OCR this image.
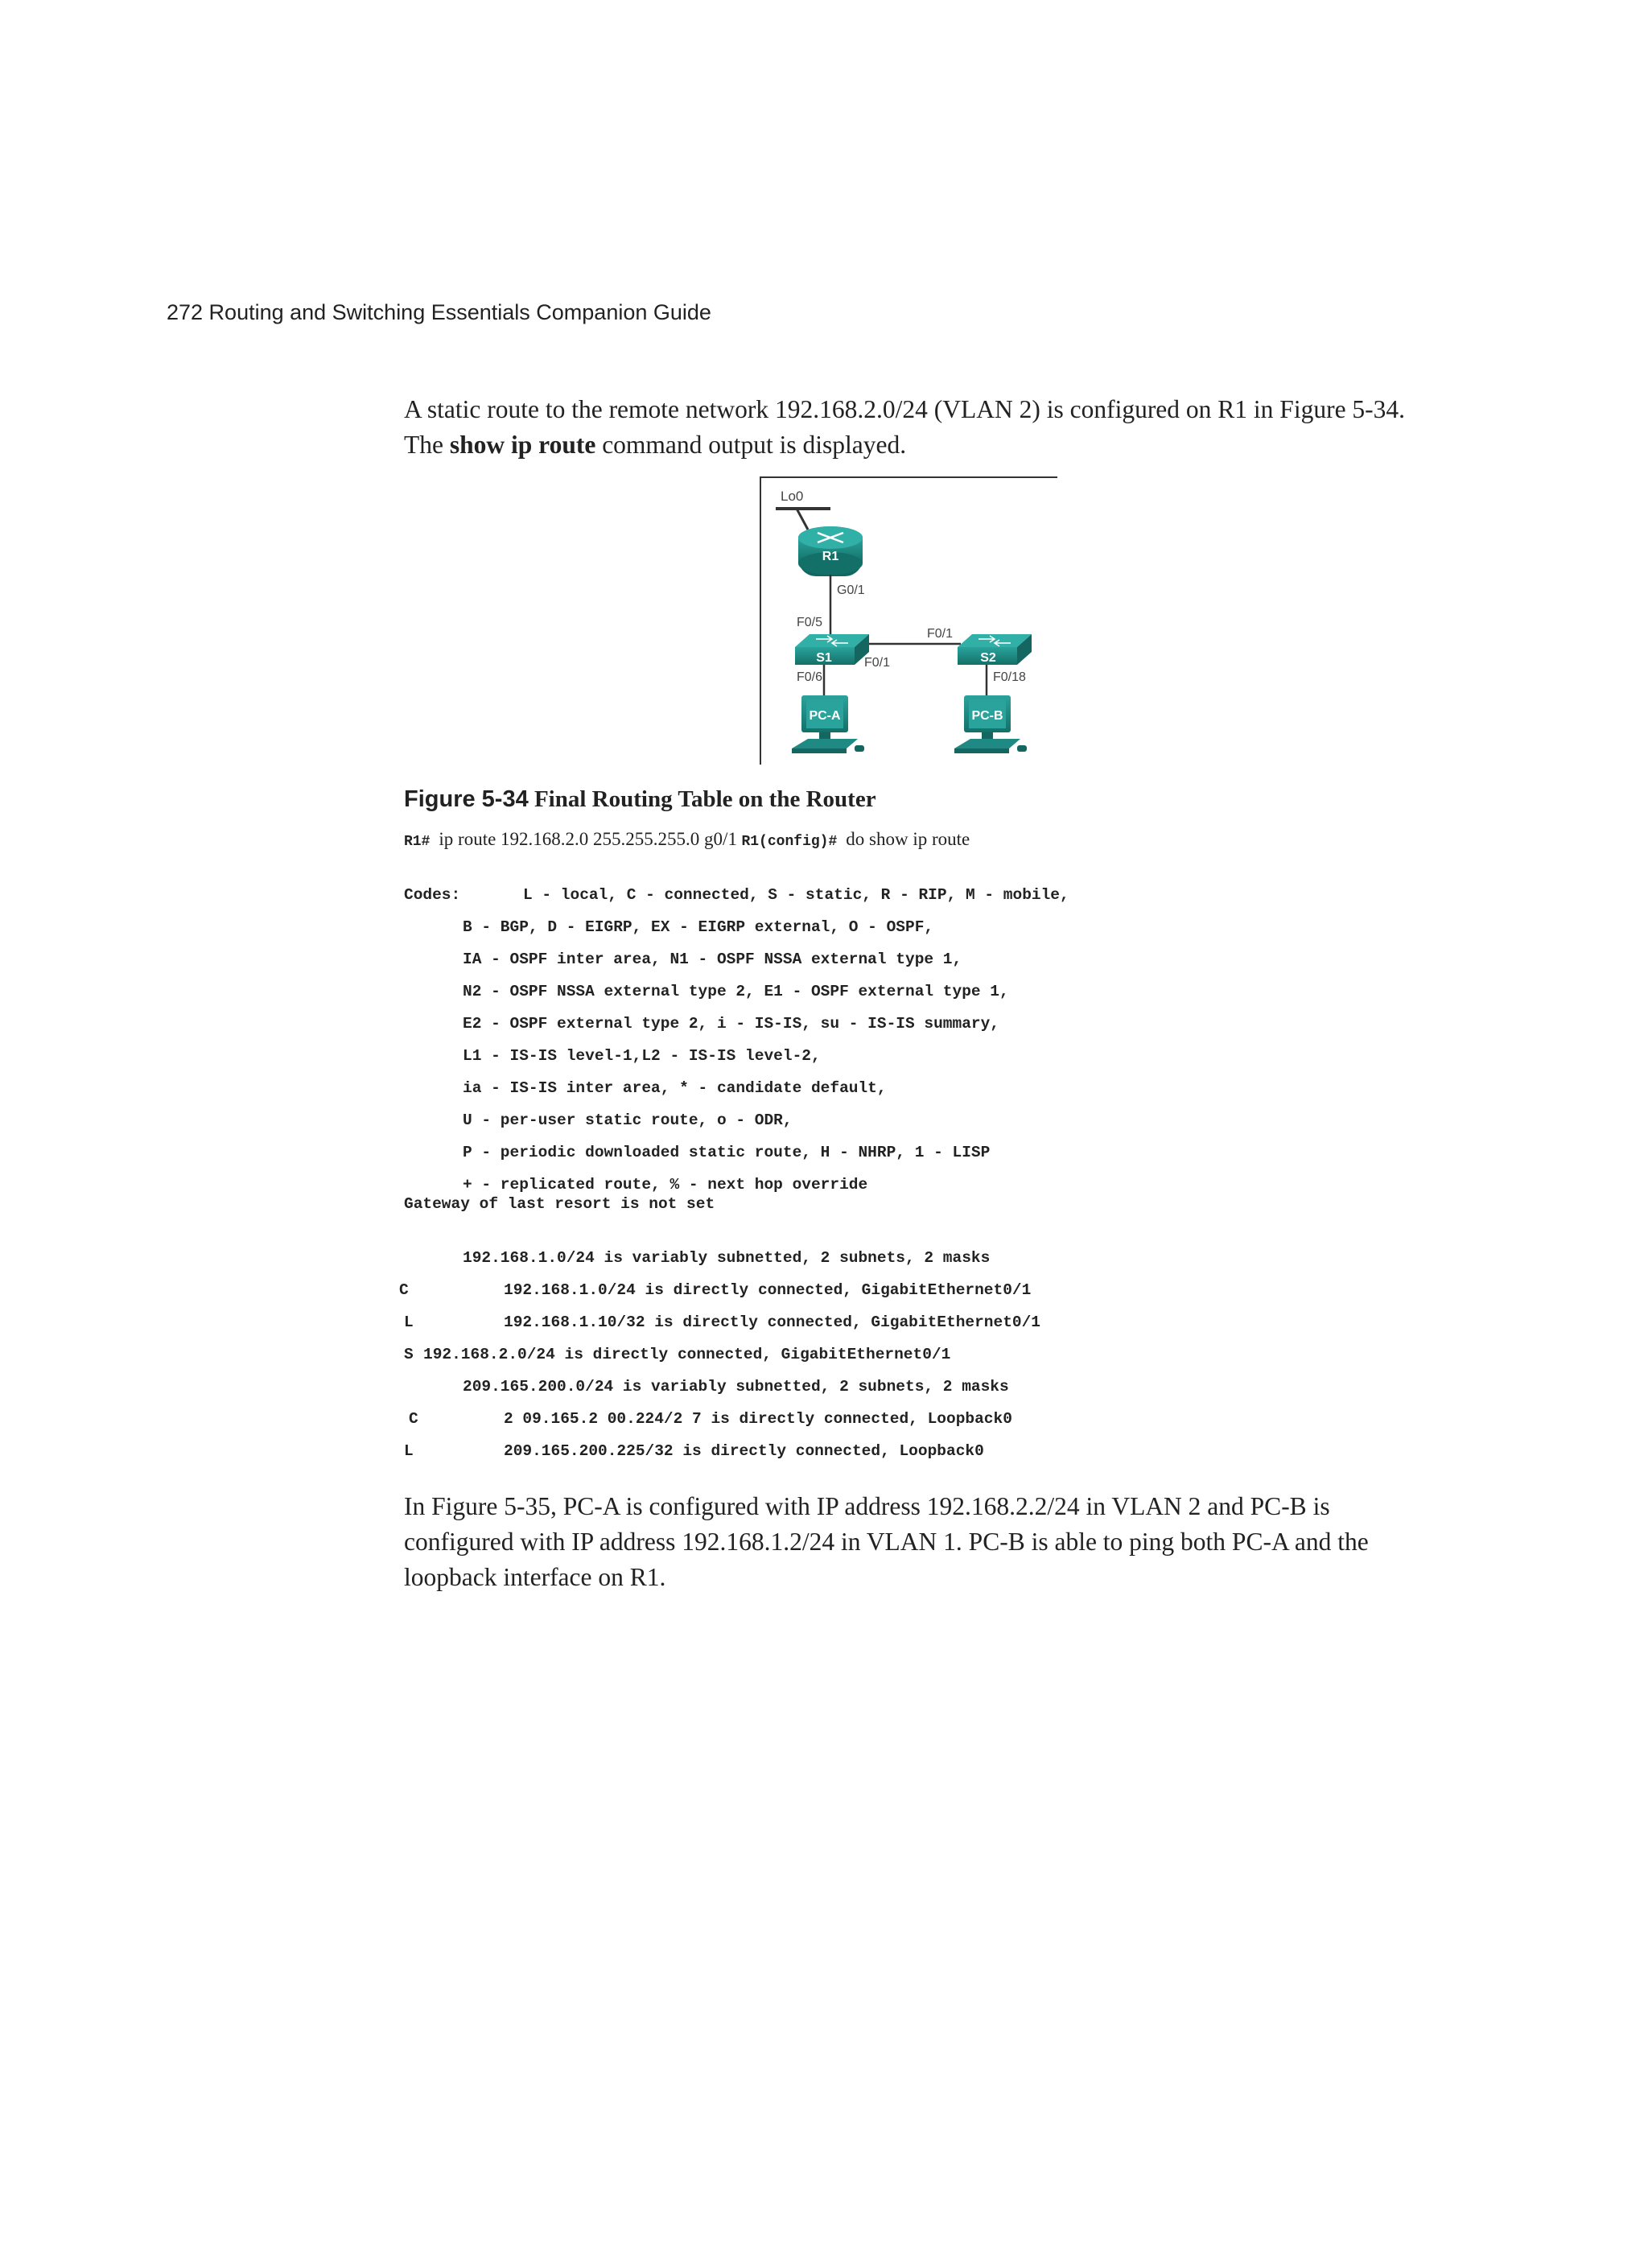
272 Routing and Switching Essentials Companion Guide
A static route to the remote network 192.168.2.0/24 (VLAN 2) is configured on R1 in Figure 5-34. The show ip route command output is displayed.
Lo0
R1
G0/1
F0/5
S1	F0/1
F0/1
S2
F0/6	F0/18
PC-A	PC-B
Figure 5-34 Final Routing Table on the Router
R1# ip route 192.168.2.0 255.255.255.0 g0/1 R1(config)# do show ip route
Codes:	L - local, C - connected, S - static, R - RIP, M - mobile,
B - BGP, D - EIGRP, EX - EIGRP external, O - OSPF,
IA - OSPF inter area, N1 - OSPF NSSA external type 1,
N2 - OSPF NSSA external type 2, E1 - OSPF external type 1,
E2 - OSPF external type 2, i - IS-IS, su - IS-IS summary,
L1 - IS-IS level-1,L2 - IS-IS level-2,
ia - IS-IS inter area, * - candidate default,
U - per-user static route, o - ODR,
P - periodic downloaded static route, H - NHRP, 1 - LISP
+ - replicated route, % - next hop override
Gateway of last resort is not set
192.168.1.0/24 is variably subnetted, 2 subnets, 2 masks
C	192.168.1.0/24 is directly connected, GigabitEthernet0/1
L	192.168.1.10/32 is directly connected, GigabitEthernet0/1
S 192.168.2.0/24 is directly connected, GigabitEthernet0/1
209.165.200.0/24 is variably subnetted, 2 subnets, 2 masks
C	2 09.165.2 00.224/2 7 is directly connected, Loopback0
L	209.165.200.225/32 is directly connected, Loopback0
In Figure 5-35, PC-A is configured with IP address 192.168.2.2/24 in VLAN 2 and PC-B is configured with IP address 192.168.1.2/24 in VLAN 1. PC-B is able to ping both PC-A and the loopback interface on R1.
